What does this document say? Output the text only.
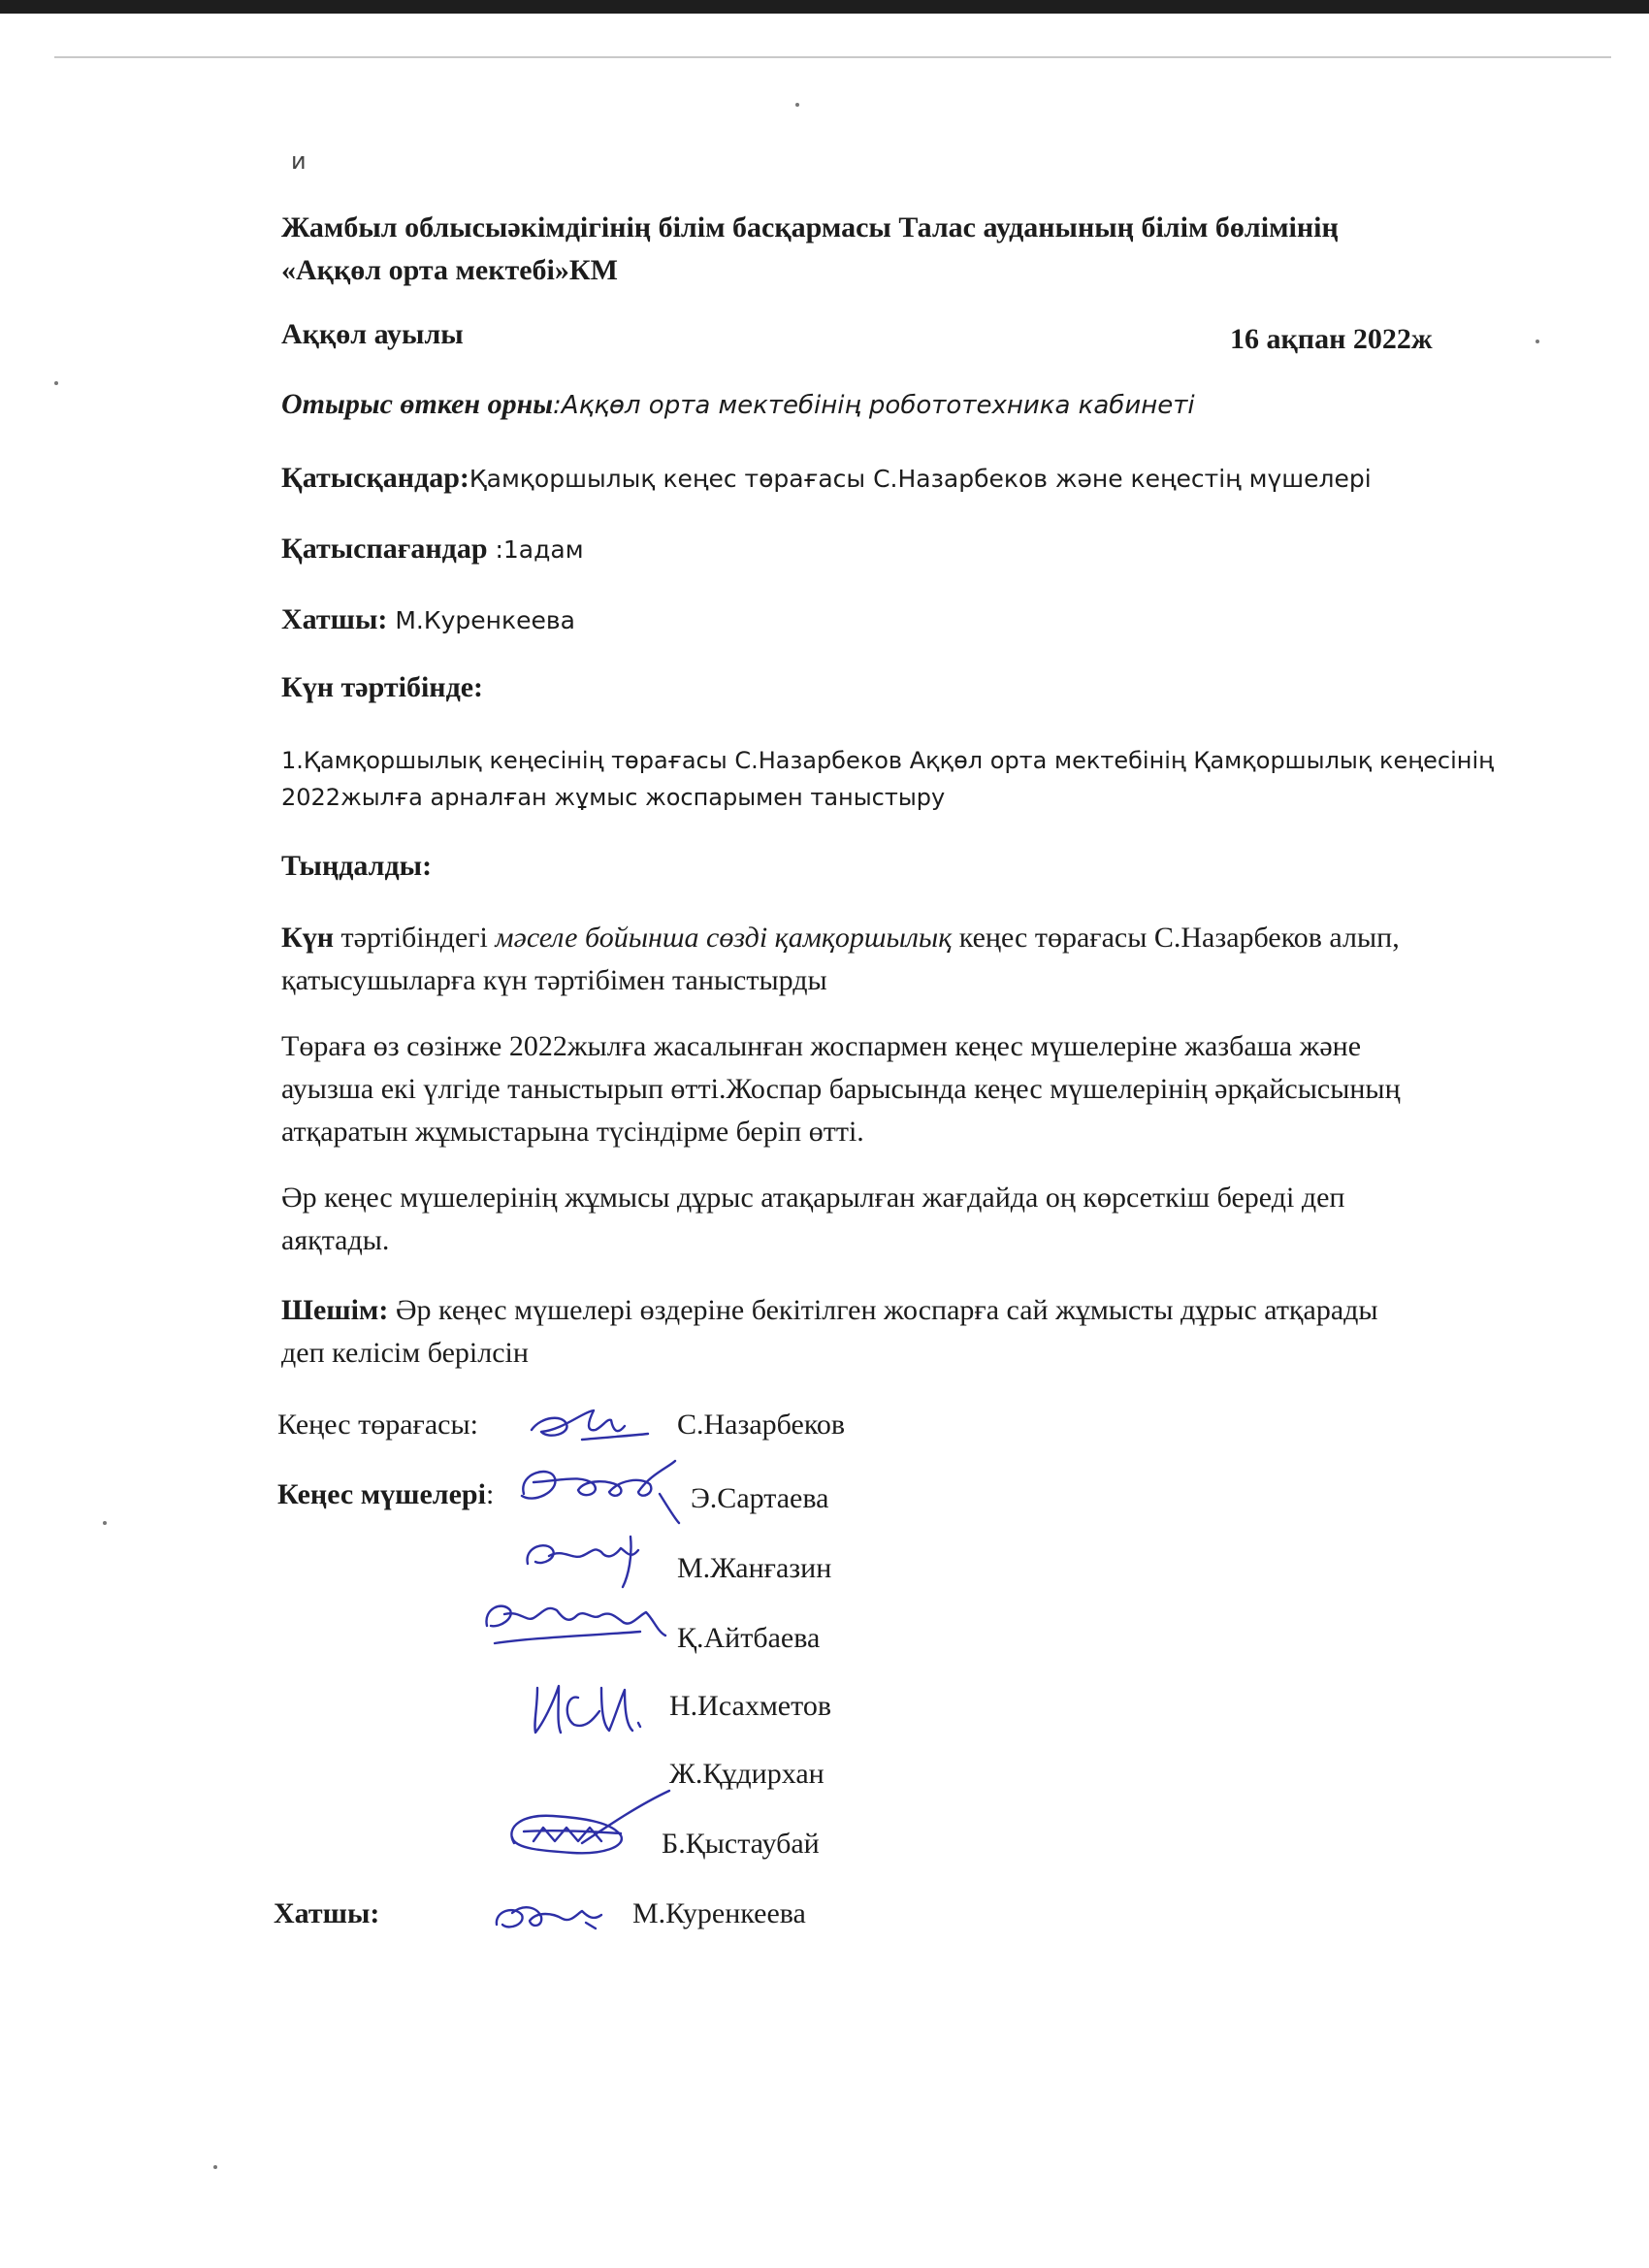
и
Жамбыл облысыәкімдігінің білім басқармасы Талас ауданының білім бөлімінің
«Аққөл орта мектебі»КМ
Аққөл ауылы	16 ақпан 2022ж
Отырыс өткен орны:Аққөл орта мектебінің робототехника кабинеті
Қатысқандар:Қамқоршылық кеңес төрағасы С.Назарбеков және кеңестің мүшелері
Қатыспағандар :1адам
Хатшы: М.Куренкеева
Күн тәртібінде:
1.Қамқоршылық кеңесінің төрағасы С.Назарбеков Аққөл орта мектебінің Қамқоршылық кеңесінің
2022жылға арналған жұмыс жоспарымен таныстыру
Тыңдалды:
Күн тәртібіндегі мәселе бойынша сөзді қамқоршылық кеңес төрағасы С.Назарбеков алып,
қатысушыларға күн тәртібімен таныстырды
Төраға өз сөзінже 2022жылға жасалынған жоспармен кеңес мүшелеріне жазбаша және
ауызша екі үлгіде таныстырып өтті.Жоспар барысында кеңес мүшелерінің әрқайсысының
атқаратын жұмыстарына түсіндірме беріп өтті.
Әр кеңес мүшелерінің жұмысы дұрыс атақарылған жағдайда оң көрсеткіш береді деп
аяқтады.
Шешім: Әр кеңес мүшелері өздеріне бекітілген жоспарға сай жұмысты дұрыс атқарады
деп келісім берілсін
Кеңес төрағасы:	С.Назарбеков
Кеңес мүшелері:	Э.Сартаева
М.Жанғазин
Қ.Айтбаева
Н.Исахметов
Ж.Құдирхан
Б.Қыстаубай
Хатшы:	М.Куренкеева
